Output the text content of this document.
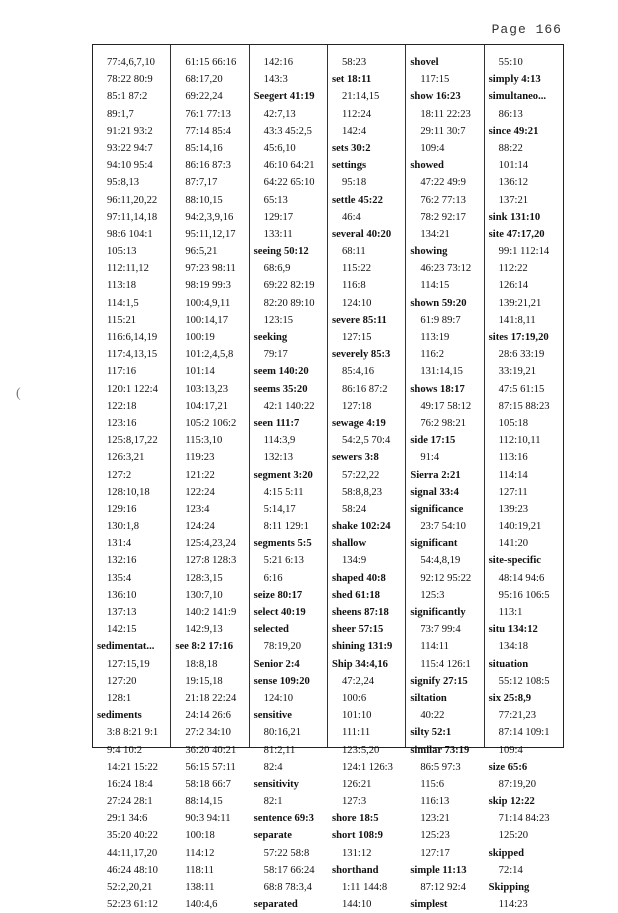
Page 166
(
77:4,6,7,10
78:22 80:9
85:1 87:2
89:1,7
91:21 93:2
93:22 94:7
94:10 95:4
95:8,13
96:11,20,22
97:11,14,18
98:6 104:1
105:13
112:11,12
113:18
114:1,5
115:21
116:6,14,19
117:4,13,15
117:16
120:1 122:4
122:18
123:16
125:8,17,22
126:3,21
127:2
128:10,18
129:16
130:1,8
131:4
132:16
135:4
136:10
137:13
142:15
sedimentat...
127:15,19
127:20
128:1
sediments
3:8 8:21 9:1
9:4 10:2
14:21 15:22
16:24 18:4
27:24 28:1
29:1 34:6
35:20 40:22
44:11,17,20
46:24 48:10
52:2,20,21
52:23 61:12
61:15 66:16
68:17,20
69:22,24
76:1 77:13
77:14 85:4
85:14,16
86:16 87:3
87:7,17
88:10,15
94:2,3,9,16
95:11,12,17
96:5,21
97:23 98:11
98:19 99:3
100:4,9,11
100:14,17
100:19
101:2,4,5,8
101:14
103:13,23
104:17,21
105:2 106:2
115:3,10
119:23
121:22
122:24
123:4
124:24
125:4,23,24
127:8 128:3
128:3,15
130:7,10
140:2 141:9
142:9,13
see 8:2 17:16
18:8,18
19:15,18
21:18 22:24
24:14 26:6
27:2 34:10
36:20 40:21
56:15 57:11
58:18 66:7
88:14,15
90:3 94:11
100:18
114:12
118:11
138:11
140:4,6
142:16
143:3
Seegert 41:19
42:7,13
43:3 45:2,5
45:6,10
46:10 64:21
64:22 65:10
65:13
129:17
133:11
seeing 50:12
68:6,9
69:22 82:19
82:20 89:10
123:15
seeking
79:17
seem 140:20
seems 35:20
42:1 140:22
seen 111:7
114:3,9
132:13
segment 3:20
4:15 5:11
5:14,17
8:11 129:1
segments 5:5
5:21 6:13
6:16
seize 80:17
select 40:19
selected
78:19,20
Senior 2:4
sense 109:20
124:10
sensitive
80:16,21
81:2,11
82:4
sensitivity
82:1
sentence 69:3
separate
57:22 58:8
58:17 66:24
68:8 78:3,4
separated
58:23
set 18:11
21:14,15
112:24
142:4
sets 30:2
settings
95:18
settle 45:22
46:4
several 40:20
68:11
115:22
116:8
124:10
severe 85:11
127:15
severely 85:3
85:4,16
86:16 87:2
127:18
sewage 4:19
54:2,5 70:4
sewers 3:8
57:22,22
58:8,8,23
58:24
shake 102:24
shallow
134:9
shaped 40:8
shed 61:18
sheens 87:18
sheer 57:15
shining 131:9
Ship 34:4,16
47:2,24
100:6
101:10
111:11
123:5,20
124:1 126:3
126:21
127:3
shore 18:5
short 108:9
131:12
shorthand
1:11 144:8
144:10
shovel
117:15
show 16:23
18:11 22:23
29:11 30:7
109:4
showed
47:22 49:9
76:2 77:13
78:2 92:17
134:21
showing
46:23 73:12
114:15
shown 59:20
61:9 89:7
113:19
116:2
131:14,15
shows 18:17
49:17 58:12
76:2 98:21
side 17:15
91:4
Sierra 2:21
signal 33:4
significance
23:7 54:10
significant
54:4,8,19
92:12 95:22
125:3
significantly
73:7 99:4
114:11
115:4 126:1
signify 27:15
siltation
40:22
silty 52:1
similar 73:19
86:5 97:3
115:6
116:13
123:21
125:23
127:17
simple 11:13
87:12 92:4
simplest
55:10
simply 4:13
simultaneo...
86:13
since 49:21
88:22
101:14
136:12
137:21
sink 131:10
site 47:17,20
99:1 112:14
112:22
126:14
139:21,21
141:8,11
sites 17:19,20
28:6 33:19
33:19,21
47:5 61:15
87:15 88:23
105:18
112:10,11
113:16
114:14
127:11
139:23
140:19,21
141:20
site-specific
48:14 94:6
95:16 106:5
113:1
situ 134:12
134:18
situation
55:12 108:5
six 25:8,9
77:21,23
87:14 109:1
109:4
size 65:6
87:19,20
skip 12:22
71:14 84:23
125:20
skipped
72:14
Skipping
114:23
